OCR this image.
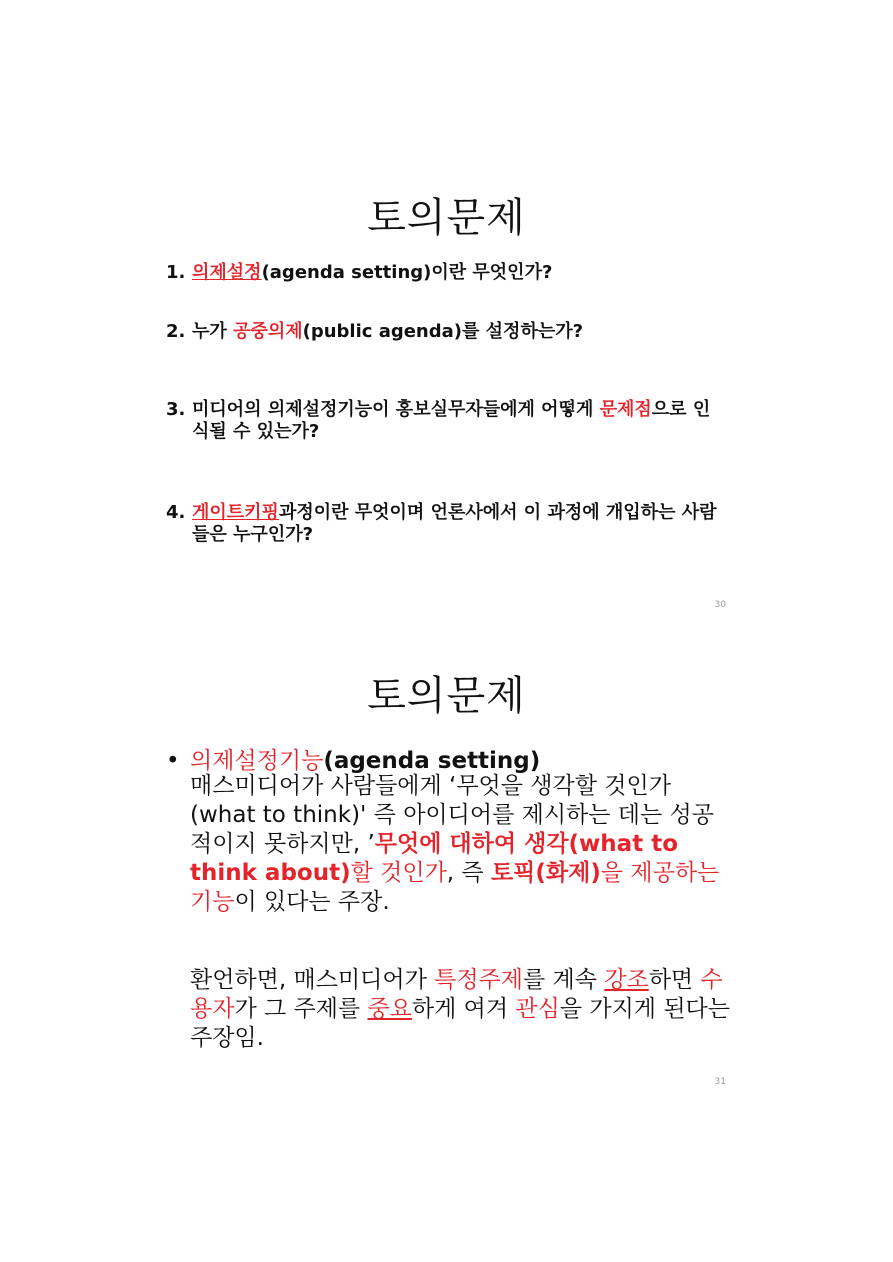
토의문제
1. 의제설정(agenda setting)이란 무엇인가?
2. 누가 공중의제(public agenda)를 설정하는가?
3. 미디어의 의제설정기능이 홍보실무자들에게 어떻게 문제점으로 인식될 수 있는가?
4. 게이트키핑과정이란 무엇이며 언론사에서 이 과정에 개입하는 사람들은 누구인가?
30
토의문제
• 의제설정기능(agenda setting)
매스미디어가 사람들에게 ‘무엇을 생각할 것인가 (what to think)' 즉 아이디어를 제시하는 데는 성공적이지 못하지만, ’무엇에 대하여 생각(what to think about)할 것인가, 즉 토픽(화제)을 제공하는 기능이 있다는 주장.
환언하면, 매스미디어가 특정주제를 계속 강조하면 수용자가 그 주제를 중요하게 여겨 관심을 가지게 된다는 주장임.
31
